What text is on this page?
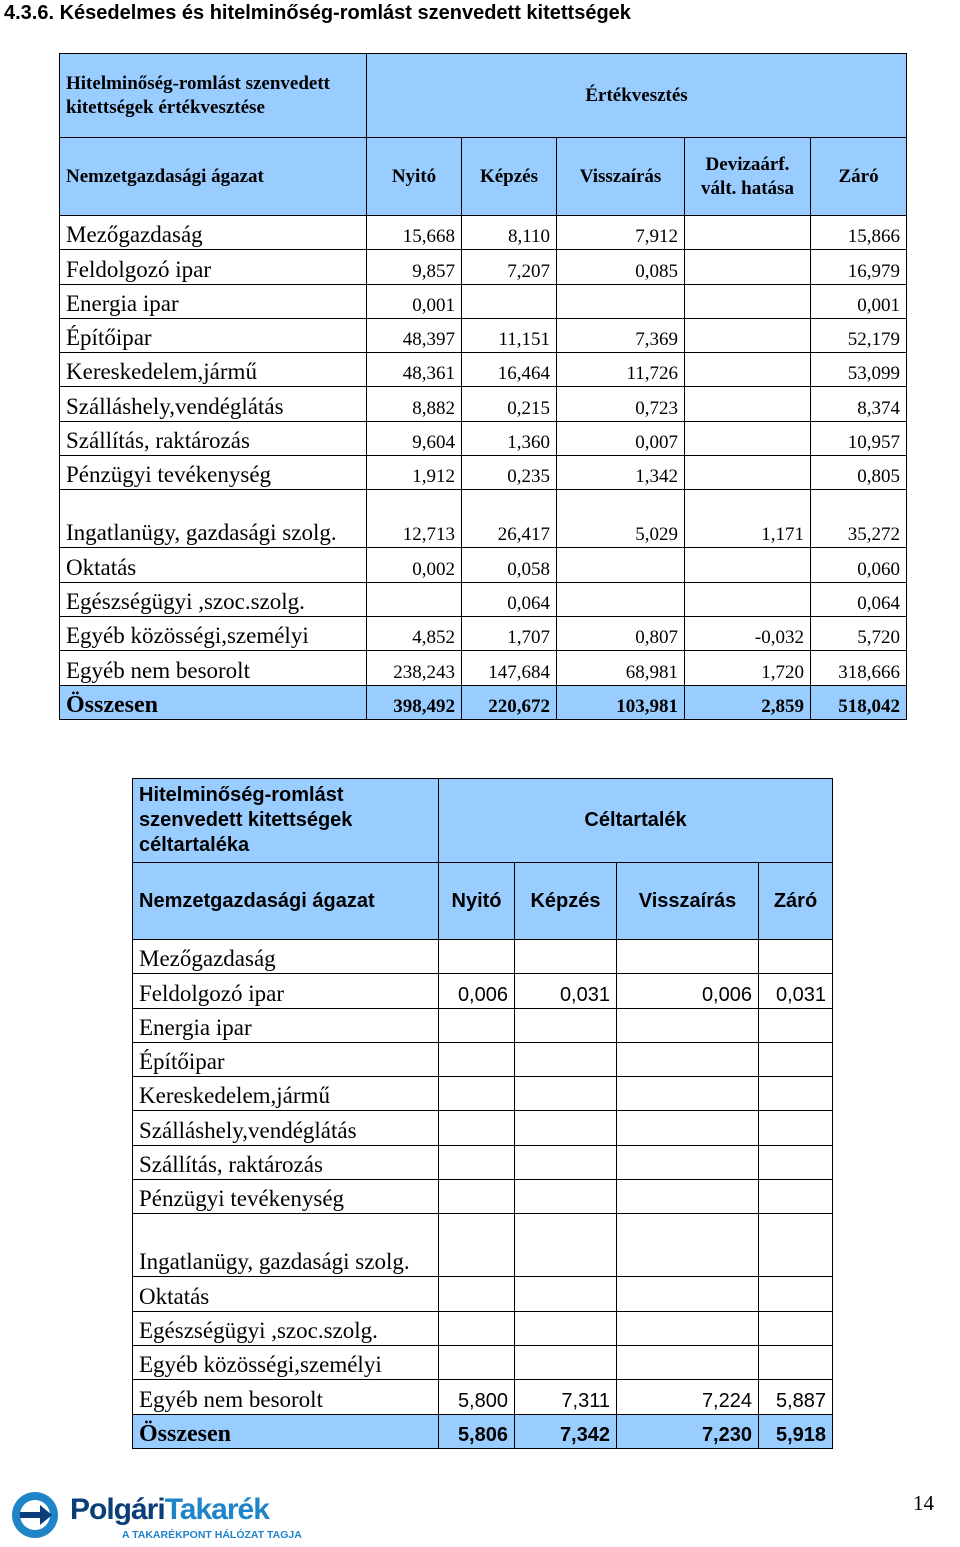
4.3.6. Késedelmes és hitelminőség-romlást szenvedett kitettségek
Hitelminőség-romlást szenvedett kitettségek értékvesztése	Értékvesztés				
Nemzetgazdasági ágazat	Nyitó	Képzés	Visszaírás	Devizaárf. vált. hatása	Záró
Mezőgazdaság	15,668	8,110	7,912		15,866
Feldolgozó ipar	9,857	7,207	0,085		16,979
Energia ipar	0,001				0,001
Építőipar	48,397	11,151	7,369		52,179
Kereskedelem,jármű	48,361	16,464	11,726		53,099
Szálláshely,vendéglátás	8,882	0,215	0,723		8,374
Szállítás, raktározás	9,604	1,360	0,007		10,957
Pénzügyi tevékenység	1,912	0,235	1,342		0,805
Ingatlanügy, gazdasági szolg.	12,713	26,417	5,029	1,171	35,272
Oktatás	0,002	0,058			0,060
Egészségügyi ,szoc.szolg.		0,064			0,064
Egyéb közösségi,személyi	4,852	1,707	0,807	-0,032	5,720
Egyéb nem besorolt	238,243	147,684	68,981	1,720	318,666
Összesen	398,492	220,672	103,981	2,859	518,042
Hitelminőség-romlást szenvedett kitettségek céltartaléka	Céltartalék			
Nemzetgazdasági ágazat	Nyitó	Képzés	Visszaírás	Záró
Mezőgazdaság				
Feldolgozó ipar	0,006	0,031	0,006	0,031
Energia ipar				
Építőipar				
Kereskedelem,jármű				
Szálláshely,vendéglátás				
Szállítás, raktározás				
Pénzügyi tevékenység				
Ingatlanügy, gazdasági szolg.				
Oktatás				
Egészségügyi ,szoc.szolg.				
Egyéb közösségi,személyi				
Egyéb nem besorolt	5,800	7,311	7,224	5,887
Összesen	5,806	7,342	7,230	5,918
PolgáriTakarék
A TAKARÉKPONT HÁLÓZAT TAGJA
14
